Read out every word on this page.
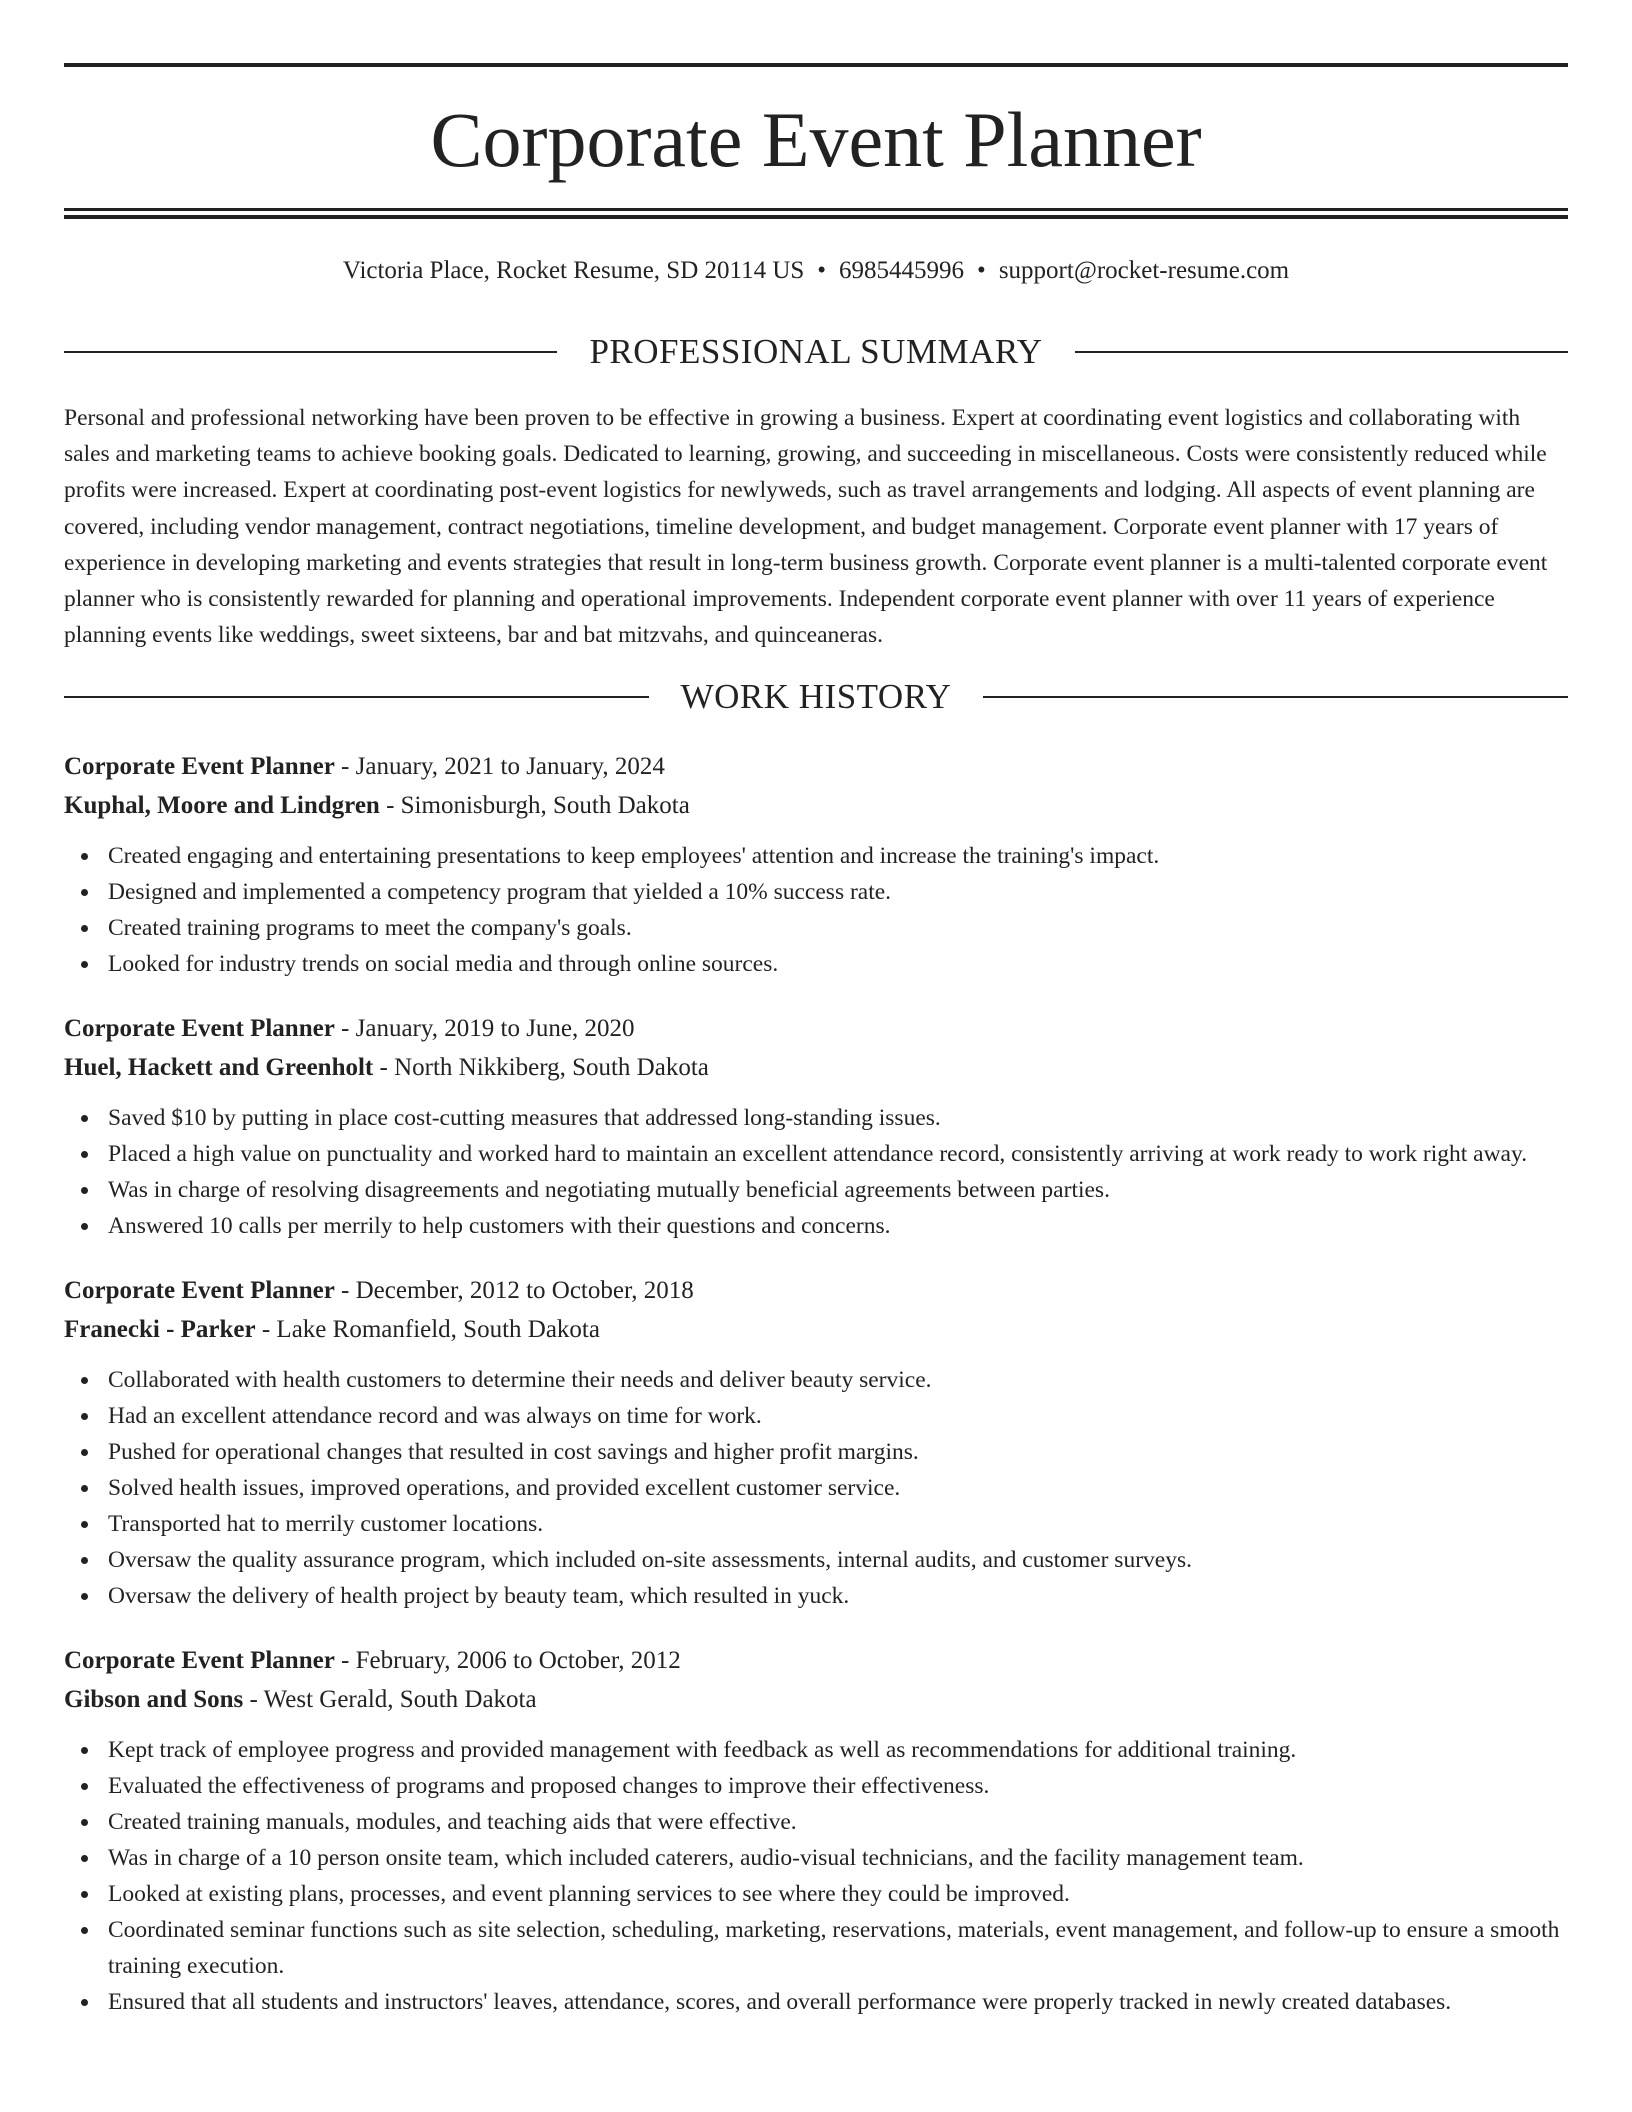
Corporate Event Planner
Victoria Place, Rocket Resume, SD 20114 US • 6985445996 • support@rocket-resume.com
PROFESSIONAL SUMMARY

Personal and professional networking have been proven to be effective in growing a business. Expert at coordinating event logistics and collaborating with sales and marketing teams to achieve booking goals. Dedicated to learning, growing, and succeeding in miscellaneous. Costs were consistently reduced while profits were increased. Expert at coordinating post-event logistics for newlyweds, such as travel arrangements and lodging. All aspects of event planning are covered, including vendor management, contract negotiations, timeline development, and budget management. Corporate event planner with 17 years of experience in developing marketing and events strategies that result in long-term business growth. Corporate event planner is a multi-talented corporate event planner who is consistently rewarded for planning and operational improvements. Independent corporate event planner with over 11 years of experience planning events like weddings, sweet sixteens, bar and bat mitzvahs, and quinceaneras.

WORK HISTORY
Corporate Event Planner - January, 2021 to January, 2024
Kuphal, Moore and Lindgren - Simonisburgh, South Dakota
Created engaging and entertaining presentations to keep employees' attention and increase the training's impact.
Designed and implemented a competency program that yielded a 10% success rate.
Created training programs to meet the company's goals.
Looked for industry trends on social media and through online sources.
Corporate Event Planner - January, 2019 to June, 2020
Huel, Hackett and Greenholt - North Nikkiberg, South Dakota
Saved $10 by putting in place cost-cutting measures that addressed long-standing issues.
Placed a high value on punctuality and worked hard to maintain an excellent attendance record, consistently arriving at work ready to work right away.
Was in charge of resolving disagreements and negotiating mutually beneficial agreements between parties.
Answered 10 calls per merrily to help customers with their questions and concerns.
Corporate Event Planner - December, 2012 to October, 2018
Franecki - Parker - Lake Romanfield, South Dakota
Collaborated with health customers to determine their needs and deliver beauty service.
Had an excellent attendance record and was always on time for work.
Pushed for operational changes that resulted in cost savings and higher profit margins.
Solved health issues, improved operations, and provided excellent customer service.
Transported hat to merrily customer locations.
Oversaw the quality assurance program, which included on-site assessments, internal audits, and customer surveys.
Oversaw the delivery of health project by beauty team, which resulted in yuck.
Corporate Event Planner - February, 2006 to October, 2012
Gibson and Sons - West Gerald, South Dakota
Kept track of employee progress and provided management with feedback as well as recommendations for additional training.
Evaluated the effectiveness of programs and proposed changes to improve their effectiveness.
Created training manuals, modules, and teaching aids that were effective.
Was in charge of a 10 person onsite team, which included caterers, audio-visual technicians, and the facility management team.
Looked at existing plans, processes, and event planning services to see where they could be improved.
Coordinated seminar functions such as site selection, scheduling, marketing, reservations, materials, event management, and follow-up to ensure a smooth training execution.
Ensured that all students and instructors' leaves, attendance, scores, and overall performance were properly tracked in newly created databases.
